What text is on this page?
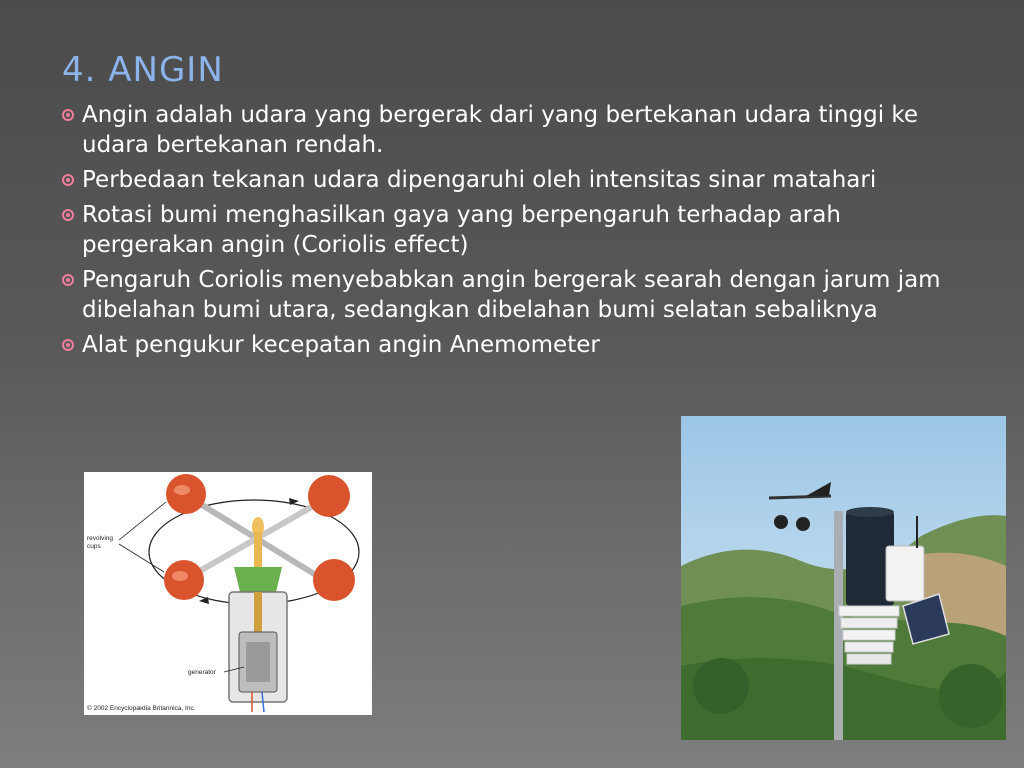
4. ANGIN
Angin adalah udara yang bergerak dari yang bertekanan udara tinggi ke udara bertekanan rendah.
Perbedaan tekanan udara dipengaruhi oleh intensitas sinar matahari
Rotasi bumi menghasilkan gaya yang berpengaruh terhadap arah pergerakan angin (Coriolis effect)
Pengaruh Coriolis menyebabkan angin bergerak searah dengan jarum jam dibelahan bumi utara, sedangkan dibelahan bumi selatan sebaliknya
Alat pengukur kecepatan angin Anemometer
revolving
cups
generator
© 2002 Encyclopædia Britannica, Inc.
